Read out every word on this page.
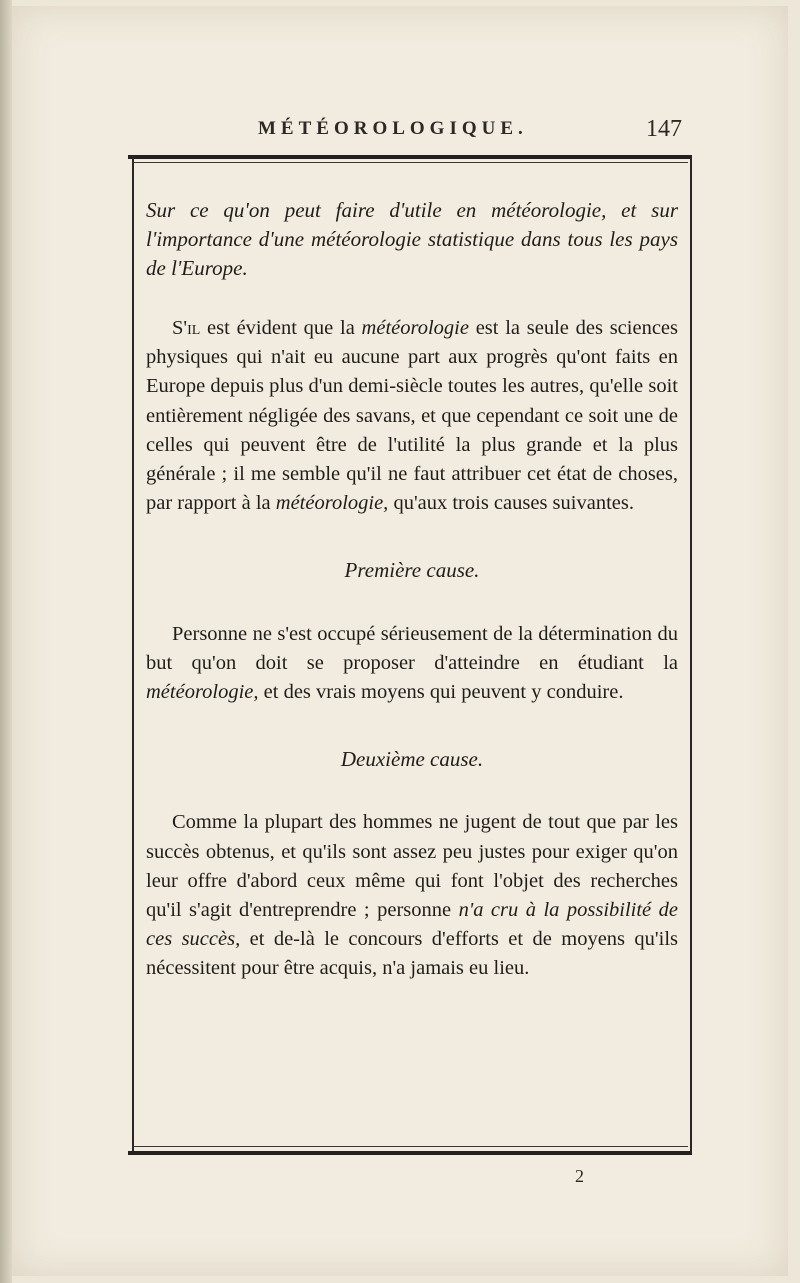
MÉTÉOROLOGIQUE.	147

Sur ce qu'on peut faire d'utile en météorologie, et sur l'importance d'une météorologie statistique dans tous les pays de l'Europe.

S'il est évident que la météorologie est la seule des sciences physiques qui n'ait eu aucune part aux progrès qu'ont faits en Europe depuis plus d'un demi-siècle toutes les autres, qu'elle soit entièrement négligée des savans, et que cependant ce soit une de celles qui peuvent être de l'utilité la plus grande et la plus générale ; il me semble qu'il ne faut attribuer cet état de choses, par rapport à la météorologie, qu'aux trois causes suivantes.

Première cause.

Personne ne s'est occupé sérieusement de la détermination du but qu'on doit se proposer d'atteindre en étudiant la météorologie, et des vrais moyens qui peuvent y conduire.

Deuxième cause.

Comme la plupart des hommes ne jugent de tout que par les succès obtenus, et qu'ils sont assez peu justes pour exiger qu'on leur offre d'abord ceux même qui font l'objet des recherches qu'il s'agit d'entreprendre ; personne n'a cru à la possibilité de ces succès, et de-là le concours d'efforts et de moyens qu'ils nécessitent pour être acquis, n'a jamais eu lieu.

2
